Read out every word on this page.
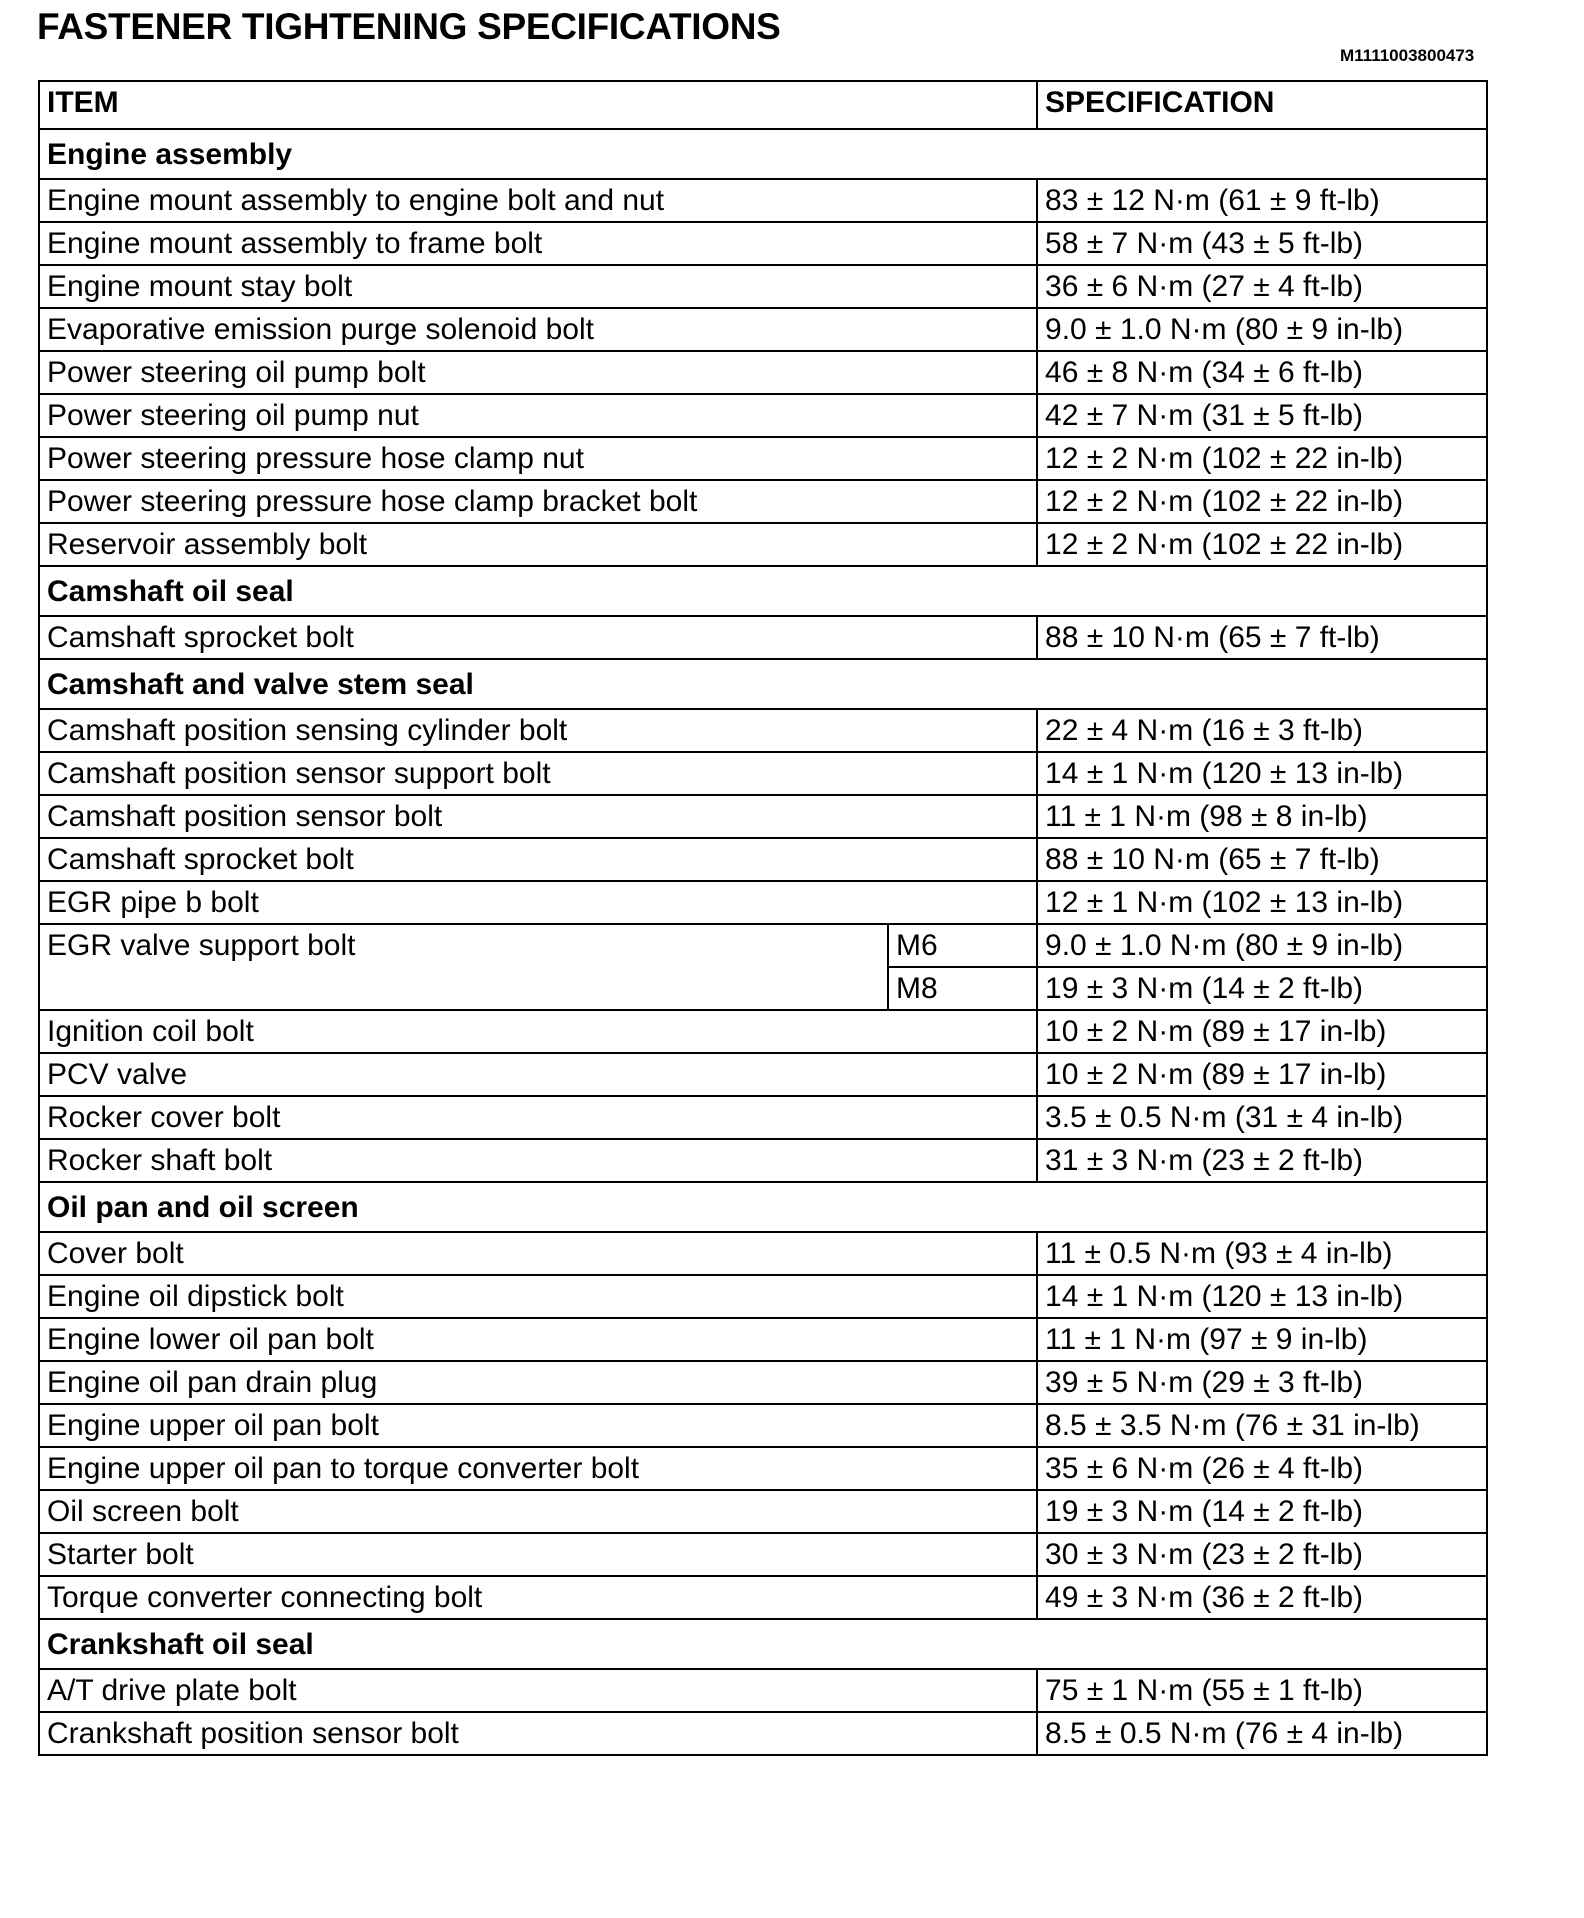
FASTENER TIGHTENING SPECIFICATIONS
M1111003800473
ITEM		SPECIFICATION
Engine assembly		
Engine mount assembly to engine bolt and nut		83 ± 12 N·m (61 ± 9 ft-lb)
Engine mount assembly to frame bolt		58 ± 7 N·m (43 ± 5 ft-lb)
Engine mount stay bolt		36 ± 6 N·m (27 ± 4 ft-lb)
Evaporative emission purge solenoid bolt		9.0 ± 1.0 N·m (80 ± 9 in-lb)
Power steering oil pump bolt		46 ± 8 N·m (34 ± 6 ft-lb)
Power steering oil pump nut		42 ± 7 N·m (31 ± 5 ft-lb)
Power steering pressure hose clamp nut		12 ± 2 N·m (102 ± 22 in-lb)
Power steering pressure hose clamp bracket bolt		12 ± 2 N·m (102 ± 22 in-lb)
Reservoir assembly bolt		12 ± 2 N·m (102 ± 22 in-lb)
Camshaft oil seal		
Camshaft sprocket bolt		88 ± 10 N·m (65 ± 7 ft-lb)
Camshaft and valve stem seal		
Camshaft position sensing cylinder bolt		22 ± 4 N·m (16 ± 3 ft-lb)
Camshaft position sensor support bolt		14 ± 1 N·m (120 ± 13 in-lb)
Camshaft position sensor bolt		11 ± 1 N·m (98 ± 8 in-lb)
Camshaft sprocket bolt		88 ± 10 N·m (65 ± 7 ft-lb)
EGR pipe b bolt		12 ± 1 N·m (102 ± 13 in-lb)
EGR valve support bolt	M6	9.0 ± 1.0 N·m (80 ± 9 in-lb)
	M8	19 ± 3 N·m (14 ± 2 ft-lb)
Ignition coil bolt		10 ± 2 N·m (89 ± 17 in-lb)
PCV valve		10 ± 2 N·m (89 ± 17 in-lb)
Rocker cover bolt		3.5 ± 0.5 N·m (31 ± 4 in-lb)
Rocker shaft bolt		31 ± 3 N·m (23 ± 2 ft-lb)
Oil pan and oil screen		
Cover bolt		11 ± 0.5 N·m (93 ± 4 in-lb)
Engine oil dipstick bolt		14 ± 1 N·m (120 ± 13 in-lb)
Engine lower oil pan bolt		11 ± 1 N·m (97 ± 9 in-lb)
Engine oil pan drain plug		39 ± 5 N·m (29 ± 3 ft-lb)
Engine upper oil pan bolt		8.5 ± 3.5 N·m (76 ± 31 in-lb)
Engine upper oil pan to torque converter bolt		35 ± 6 N·m (26 ± 4 ft-lb)
Oil screen bolt		19 ± 3 N·m (14 ± 2 ft-lb)
Starter bolt		30 ± 3 N·m (23 ± 2 ft-lb)
Torque converter connecting bolt		49 ± 3 N·m (36 ± 2 ft-lb)
Crankshaft oil seal		
A/T drive plate bolt		75 ± 1 N·m (55 ± 1 ft-lb)
Crankshaft position sensor bolt		8.5 ± 0.5 N·m (76 ± 4 in-lb)
